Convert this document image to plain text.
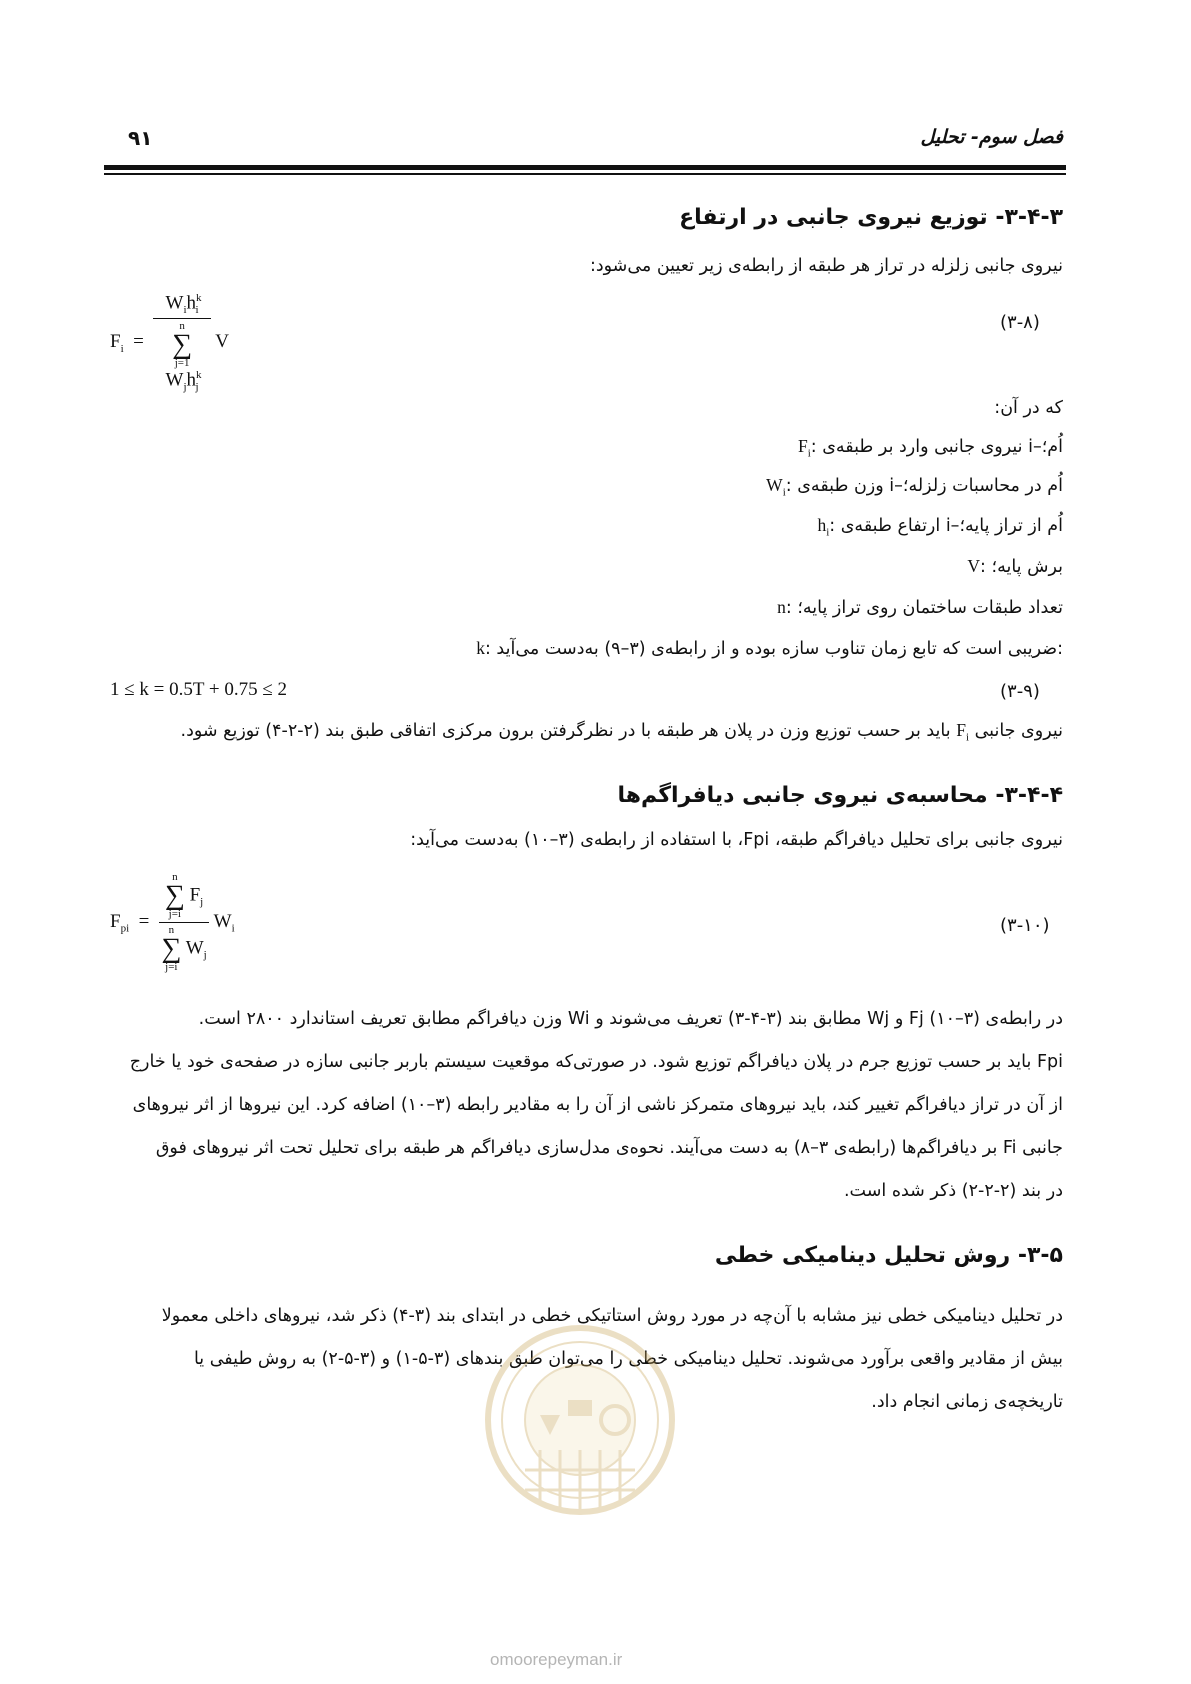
فصل سوم- تحلیل
۹۱
۳-۴-۳- توزیع نیروی جانبی در ارتفاع
نیروی جانبی زلزله در تراز هر طبقه از رابطه‌ی زیر تعیین می‌شود:
$F_i = W_ih^k_i$
n
∑
j=1
$W_jh^k_j$ V
(۳-۸)
که در آن:
$F_i$: نیروی جانبی وارد بر طبقه‌ی i–اُم؛
$W_i$: وزن طبقه‌ی i–اُم در محاسبات زلزله؛
$h_i$: ارتفاع طبقه‌ی i–اُم از تراز پایه؛
V: برش پایه؛
n: تعداد طبقات ساختمان روی تراز پایه؛
k: ضریبی است که تابع زمان تناوب سازه بوده و از رابطه‌ی (۳–۹) به‌دست می‌آید:
1 ≤ k = 0.5T + 0.75 ≤ 2	(۳-۹)
نیروی جانبی $F_i$ باید بر حسب توزیع وزن در پلان هر طبقه با در نظرگرفتن برون مرکزی اتفاقی طبق بند (۲-۲-۴) توزیع شود.
۳-۴-۴- محاسبه‌ی نیروی جانبی دیافراگم‌ها
نیروی جانبی برای تحلیل دیافراگم طبقه، Fpi، با استفاده از رابطه‌ی (۳–۱۰) به‌دست می‌آید:
$F_{pi} = n$
∑
j=i
$F_j$
n
∑
j=i
$W_j$ $W_i$	(۳-۱۰)
در رابطه‌ی (۳–۱۰) Fj و Wj مطابق بند (۳-۴-۳) تعریف می‌شوند و Wi وزن دیافراگم مطابق تعریف استاندارد ۲۸۰۰ است.
Fpi باید بر حسب توزیع جرم در پلان دیافراگم توزیع شود. در صورتی‌که موقعیت سیستم باربر جانبی سازه در صفحه‌ی خود یا خارج
از آن در تراز دیافراگم تغییر کند، باید نیروهای متمرکز ناشی از آن را به مقادیر رابطه (۳–۱۰) اضافه کرد. این نیروها از اثر نیروهای
جانبی Fi بر دیافراگم‌ها (رابطه‌ی ۳–۸) به دست می‌آیند. نحوه‌ی مدل‌سازی دیافراگم هر طبقه برای تحلیل تحت اثر نیروهای فوق
در بند (۲-۲-۲) ذکر شده است.
۳-۵- روش تحلیل دینامیکی خطی
در تحلیل دینامیکی خطی نیز مشابه با آن‌چه در مورد روش استاتیکی خطی در ابتدای بند (۳-۴) ذکر شد، نیروهای داخلی معمولا
بیش از مقادیر واقعی برآورد می‌شوند. تحلیل دینامیکی خطی را می‌توان طبق بندهای (۳-۵-۱) و (۳-۵-۲) به روش طیفی یا
تاریخچه‌ی زمانی انجام داد.
omoorepeyman.ir
